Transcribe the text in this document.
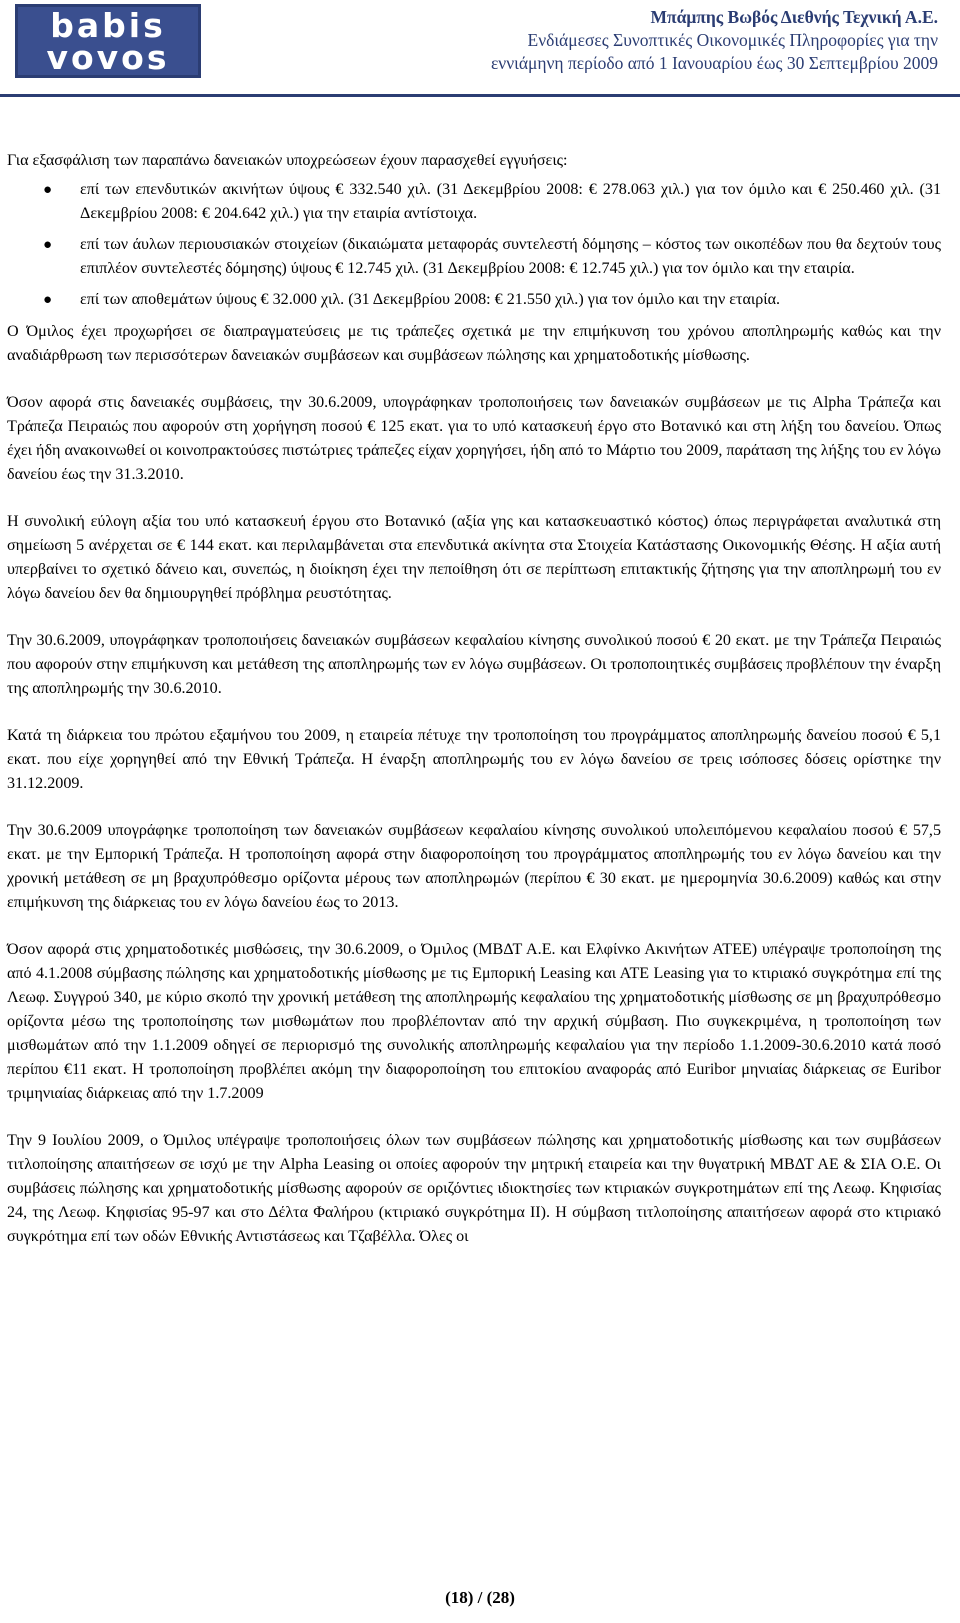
babis
vovos
Μπάμπης Βωβός Διεθνής Τεχνική Α.Ε.
Ενδιάμεσες Συνοπτικές Οικονομικές Πληροφορίες για την
εννιάμηνη περίοδο από 1 Ιανουαρίου έως 30 Σεπτεμβρίου 2009

Για εξασφάλιση των παραπάνω δανειακών υποχρεώσεων έχουν παρασχεθεί εγγυήσεις:

● επί των επενδυτικών ακινήτων ύψους € 332.540 χιλ. (31 Δεκεμβρίου 2008: € 278.063 χιλ.) για τον όμιλο και € 250.460 χιλ. (31 Δεκεμβρίου 2008: € 204.642 χιλ.) για την εταιρία αντίστοιχα.
● επί των άυλων περιουσιακών στοιχείων (δικαιώματα μεταφοράς συντελεστή δόμησης – κόστος των οικοπέδων που θα δεχτούν τους επιπλέον συντελεστές δόμησης) ύψους € 12.745 χιλ. (31 Δεκεμβρίου 2008: € 12.745 χιλ.) για τον όμιλο και την εταιρία.
● επί των αποθεμάτων ύψους € 32.000 χιλ. (31 Δεκεμβρίου 2008: € 21.550 χιλ.) για τον όμιλο και την εταιρία.

Ο Όμιλος έχει προχωρήσει σε διαπραγματεύσεις με τις τράπεζες σχετικά με την επιμήκυνση του χρόνου αποπληρωμής καθώς και την αναδιάρθρωση των περισσότερων δανειακών συμβάσεων και συμβάσεων πώλησης και χρηματοδοτικής μίσθωσης.

Όσον αφορά στις δανειακές συμβάσεις, την 30.6.2009, υπογράφηκαν τροποποιήσεις των δανειακών συμβάσεων με τις Alpha Τράπεζα και Τράπεζα Πειραιώς που αφορούν στη χορήγηση ποσού € 125 εκατ. για το υπό κατασκευή έργο στο Βοτανικό και στη λήξη του δανείου. Όπως έχει ήδη ανακοινωθεί οι κοινοπρακτούσες πιστώτριες τράπεζες είχαν χορηγήσει, ήδη από το Μάρτιο του 2009, παράταση της λήξης του εν λόγω δανείου έως την 31.3.2010.

Η συνολική εύλογη αξία του υπό κατασκευή έργου στο Βοτανικό (αξία γης και κατασκευαστικό κόστος) όπως περιγράφεται αναλυτικά στη σημείωση 5 ανέρχεται σε € 144 εκατ. και περιλαμβάνεται στα επενδυτικά ακίνητα στα Στοιχεία Κατάστασης Οικονομικής Θέσης. Η αξία αυτή υπερβαίνει το σχετικό δάνειο και, συνεπώς, η διοίκηση έχει την πεποίθηση ότι σε περίπτωση επιτακτικής ζήτησης για την αποπληρωμή του εν λόγω δανείου δεν θα δημιουργηθεί πρόβλημα ρευστότητας.

Την 30.6.2009, υπογράφηκαν τροποποιήσεις δανειακών συμβάσεων κεφαλαίου κίνησης συνολικού ποσού € 20 εκατ. με την Τράπεζα Πειραιώς που αφορούν στην επιμήκυνση και μετάθεση της αποπληρωμής των εν λόγω συμβάσεων. Οι τροποποιητικές συμβάσεις προβλέπουν την έναρξη της αποπληρωμής την 30.6.2010.

Κατά τη διάρκεια του πρώτου εξαμήνου του 2009, η εταιρεία πέτυχε την τροποποίηση του προγράμματος αποπληρωμής δανείου ποσού € 5,1 εκατ. που είχε χορηγηθεί από την Εθνική Τράπεζα. Η έναρξη αποπληρωμής του εν λόγω δανείου σε τρεις ισόποσες δόσεις ορίστηκε την 31.12.2009.

Την 30.6.2009 υπογράφηκε τροποποίηση των δανειακών συμβάσεων κεφαλαίου κίνησης συνολικού υπολειπόμενου κεφαλαίου ποσού € 57,5 εκατ. με την Εμπορική Τράπεζα. Η τροποποίηση αφορά στην διαφοροποίηση του προγράμματος αποπληρωμής του εν λόγω δανείου και την χρονική μετάθεση σε μη βραχυπρόθεσμο ορίζοντα μέρους των αποπληρωμών (περίπου € 30 εκατ. με ημερομηνία 30.6.2009) καθώς και στην επιμήκυνση της διάρκειας του εν λόγω δανείου έως το 2013.

Όσον αφορά στις χρηματοδοτικές μισθώσεις, την 30.6.2009, ο Όμιλος (ΜΒΔΤ Α.Ε. και Ελφίνκο Ακινήτων ΑΤΕΕ) υπέγραψε τροποποίηση της από 4.1.2008 σύμβασης πώλησης και χρηματοδοτικής μίσθωσης με τις Εμπορική Leasing και ΑΤΕ Leasing για το κτιριακό συγκρότημα επί της Λεωφ. Συγγρού 340, με κύριο σκοπό την χρονική μετάθεση της αποπληρωμής κεφαλαίου της χρηματοδοτικής μίσθωσης σε μη βραχυπρόθεσμο ορίζοντα μέσω της τροποποίησης των μισθωμάτων που προβλέπονταν από την αρχική σύμβαση. Πιο συγκεκριμένα, η τροποποίηση των μισθωμάτων από την 1.1.2009 οδηγεί σε περιορισμό της συνολικής αποπληρωμής κεφαλαίου για την περίοδο 1.1.2009-30.6.2010 κατά ποσό περίπου €11 εκατ. Η τροποποίηση προβλέπει ακόμη την διαφοροποίηση του επιτοκίου αναφοράς από Euribor μηνιαίας διάρκειας σε Euribor τριμηνιαίας διάρκειας από την 1.7.2009

Την 9 Ιουλίου 2009, ο Όμιλος υπέγραψε τροποποιήσεις όλων των συμβάσεων πώλησης και χρηματοδοτικής μίσθωσης και των συμβάσεων τιτλοποίησης απαιτήσεων σε ισχύ με την Alpha Leasing οι οποίες αφορούν την μητρική εταιρεία και την θυγατρική ΜΒΔΤ ΑΕ & ΣΙΑ Ο.Ε. Οι συμβάσεις πώλησης και χρηματοδοτικής μίσθωσης αφορούν σε οριζόντιες ιδιοκτησίες των κτιριακών συγκροτημάτων επί της Λεωφ. Κηφισίας 24, της Λεωφ. Κηφισίας 95-97 και στο Δέλτα Φαλήρου (κτιριακό συγκρότημα ΙΙ). Η σύμβαση τιτλοποίησης απαιτήσεων αφορά στο κτιριακό συγκρότημα επί των οδών Εθνικής Αντιστάσεως και Τζαβέλλα. Όλες οι

(18) / (28)
